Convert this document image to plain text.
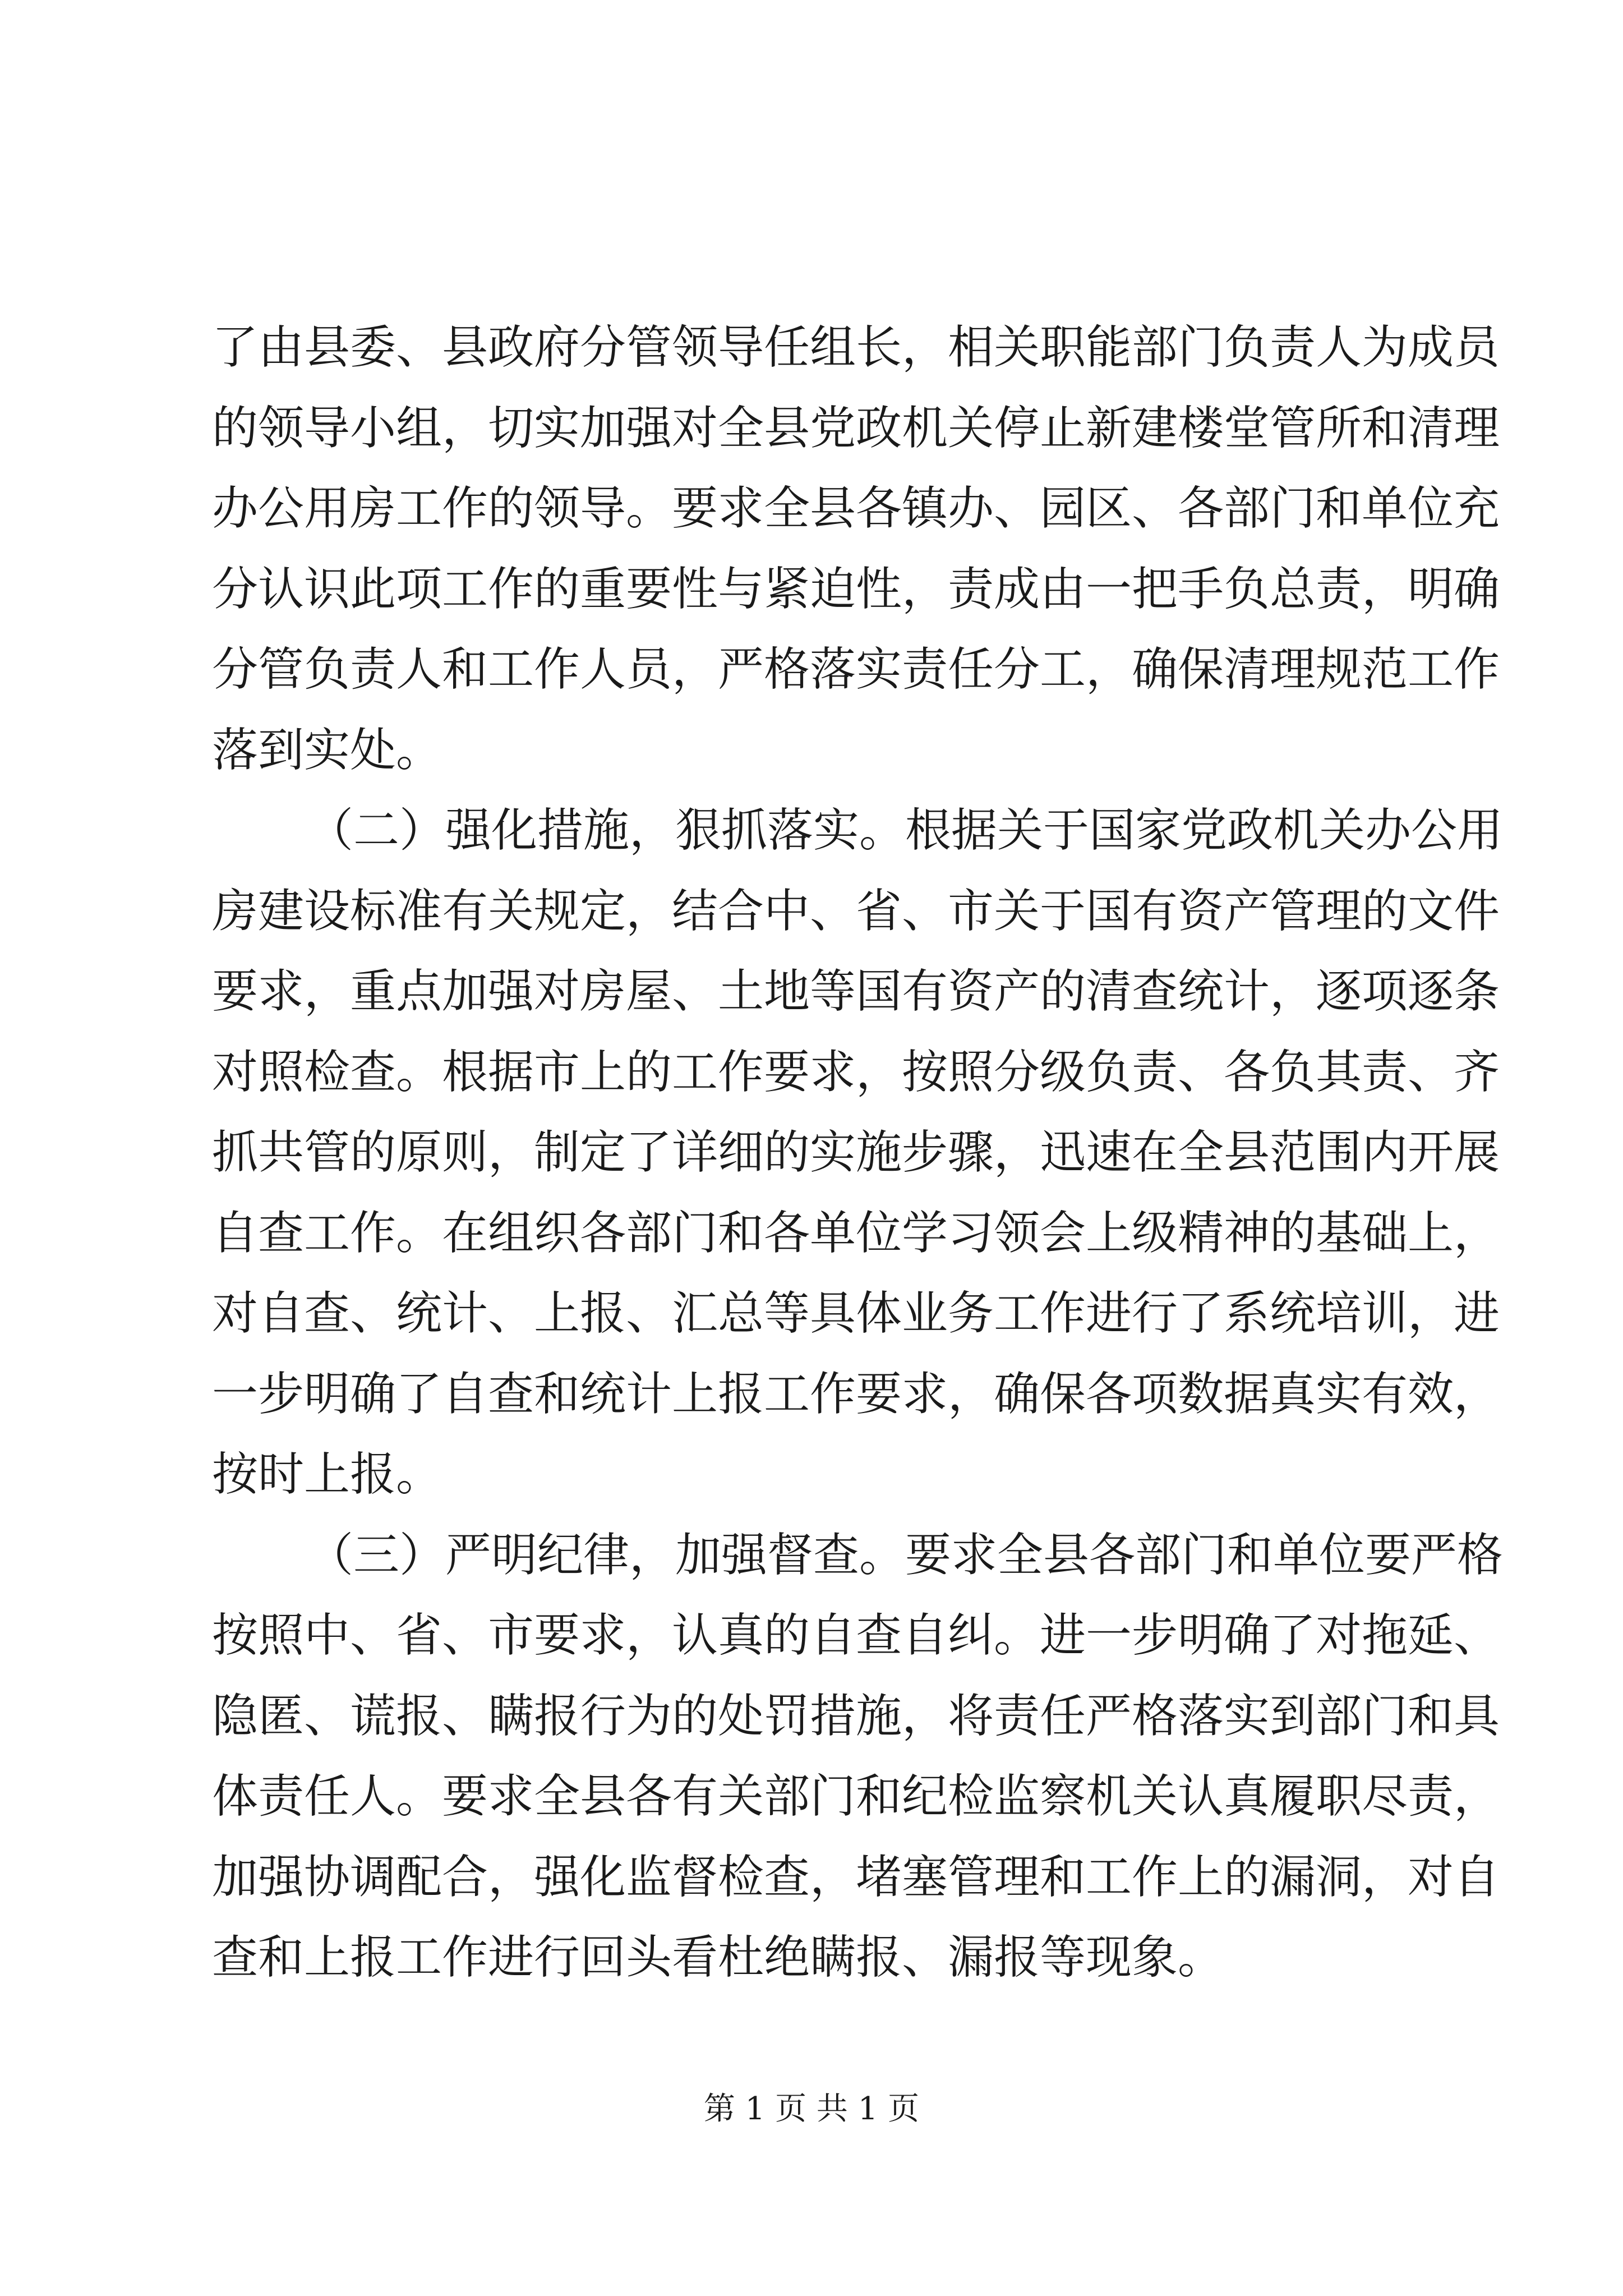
了由县委、县政府分管领导任组长，相关职能部门负责人为成员
的领导小组，切实加强对全县党政机关停止新建楼堂管所和清理
办公用房工作的领导。要求全县各镇办、园区、各部门和单位充
分认识此项工作的重要性与紧迫性，责成由一把手负总责，明确
分管负责人和工作人员，严格落实责任分工，确保清理规范工作
落到实处。
（二）强化措施，狠抓落实。根据关于国家党政机关办公用
房建设标准有关规定，结合中、省、市关于国有资产管理的文件
要求，重点加强对房屋、土地等国有资产的清查统计，逐项逐条
对照检查。根据市上的工作要求，按照分级负责、各负其责、齐
抓共管的原则，制定了详细的实施步骤，迅速在全县范围内开展
自查工作。在组织各部门和各单位学习领会上级精神的基础上，
对自查、统计、上报、汇总等具体业务工作进行了系统培训，进
一步明确了自查和统计上报工作要求，确保各项数据真实有效，
按时上报。
（三）严明纪律，加强督查。要求全县各部门和单位要严格
按照中、省、市要求，认真的自查自纠。进一步明确了对拖延、
隐匿、谎报、瞒报行为的处罚措施，将责任严格落实到部门和具
体责任人。要求全县各有关部门和纪检监察机关认真履职尽责，
加强协调配合，强化监督检查，堵塞管理和工作上的漏洞，对自
查和上报工作进行回头看杜绝瞒报、漏报等现象。
第 1 页 共 1 页
